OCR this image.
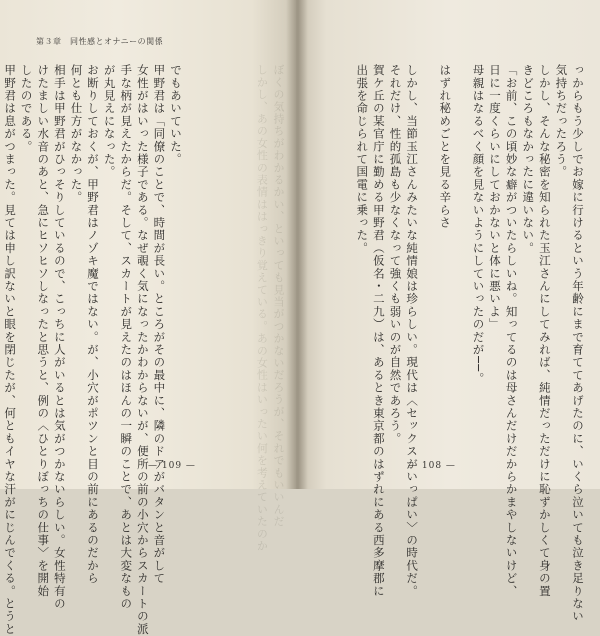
第３章　同性感とオナニーの関係
ぼくの気持ちがわかるかい、といっても見当がつかないだろうが、それでもいいんだ
しかし、あの女性の表情ははっきり覚えている。あの女性はいったい何を考えていたのか
でもあいていた。
甲野君は「同僚のことで、時間が長い。ところがその最中に、隣のドアがバタンと音がして
女性がはいった様子である。なぜ覗く気になったかわからないが、便所の前の小穴からスカートの派
手な柄が見えたからだ。そして、スカートが見えたのはほんの一瞬のことで、あとは大変なもの
が丸見えになった。
お断りしておくが、甲野君はノゾキ魔ではない。が、小穴がポツンと目の前にあるのだから
何とも仕方がなかった。
相手は甲野君がひっそりしているので、こっちに人がいるとは気がつかないらしい。女性特有の
けたましい水音のあと、急にヒソヒソしなったと思うと、例の〈ひとりぼっちの仕事〉を開始
したのである。
甲野君は息がつまった。見ては申し訳ないと眼を閉じたが、何ともイヤな汗がにじんでくる。とうと	— 109 —	っからもう少しでお嫁に行けるという年齢にまで育ててあげたのに、いくら泣いても泣き足りない
気持ちだったろう。
しかし、そんな秘密を知られた玉江さんにしてみれば、純情だっただけに恥ずかしくて身の置
きどころもなかったに違いない。
「お前、この頃妙な癖がついたらしいね。知ってるのは母さんだけだからかまやしないけど、
日に一度くらいにしておかないと体に悪いよ」
母親はなるべく顔を見ないようにしていったのだが──。

はずれ秘めごとを見る辛らさ

しかし、当節玉江さんみたいな純情娘は珍らしい。現代は〈セックスがいっぱい〉の時代だ。
それだけ、性的孤島も少なくなって強くも弱いのが自然であろう。
賀ケ丘の某官庁に勤める甲野君（仮名・二九）は、あるとき東京都のはずれにある西多摩郡に
出張を命じられて国電に乗った。
— 108 —
